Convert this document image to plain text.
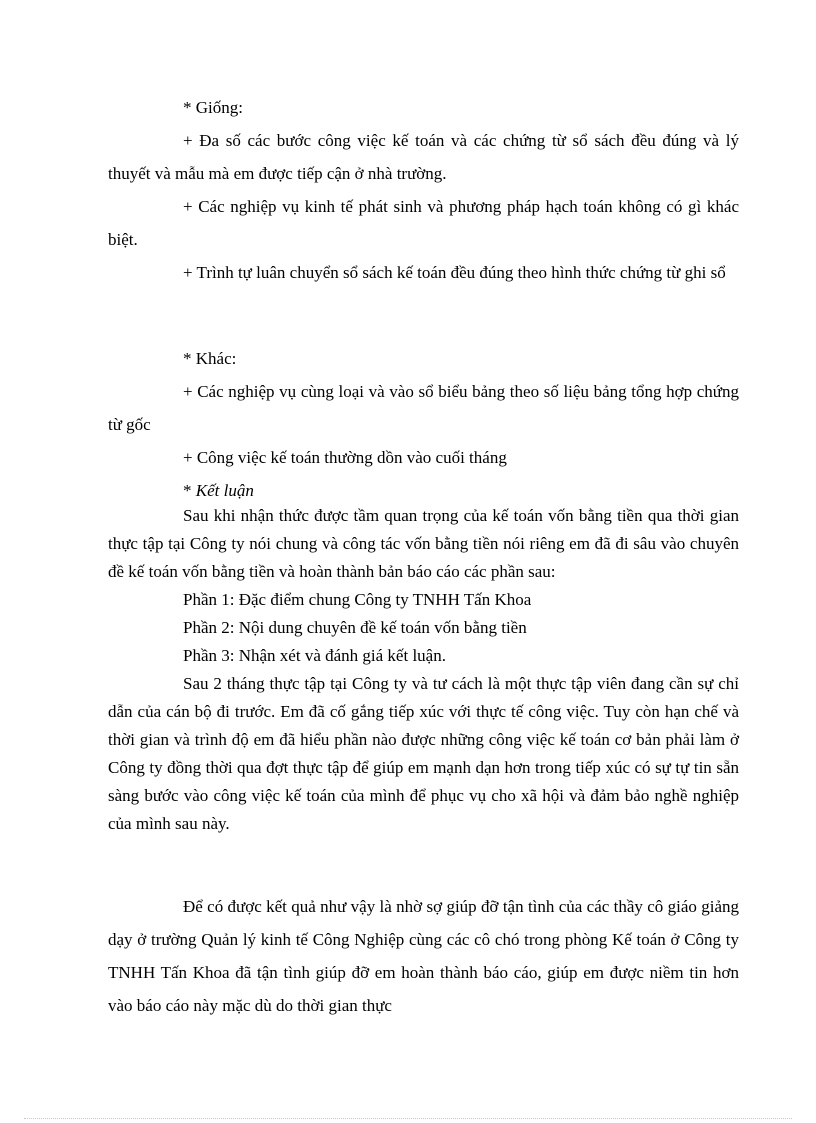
* Giống:

+ Đa số các bước công việc kế toán và các chứng từ sổ sách đều đúng và lý thuyết và mẫu mà em được tiếp cận ở nhà trường.

+ Các nghiệp vụ kinh tế phát sinh và phương pháp hạch toán không có gì khác biệt.

+ Trình tự luân chuyển sổ sách kế toán đều đúng theo hình thức chứng từ ghi sổ

* Khác:

+ Các nghiệp vụ cùng loại và vào sổ biểu bảng theo số liệu bảng tổng hợp chứng từ gốc

+ Công việc kế toán thường dồn vào cuối tháng

* Kết luận

Sau khi nhận thức được tầm quan trọng của kế toán vốn bằng tiền qua thời gian thực tập tại Công ty nói chung và công tác vốn bằng tiền nói riêng em đã đi sâu vào chuyên đề kế toán vốn bằng tiền và hoàn thành bản báo cáo các phần sau:

Phần 1: Đặc điểm chung Công ty TNHH Tấn Khoa

Phần 2: Nội dung chuyên đề kế toán vốn bằng tiền

Phần 3: Nhận xét và đánh giá kết luận.

Sau 2 tháng thực tập tại Công ty và tư cách là một thực tập viên đang cần sự chỉ dẫn của cán bộ đi trước. Em đã cố gắng tiếp xúc với thực tế công việc. Tuy còn hạn chế và thời gian và trình độ em đã hiểu phần nào được những công việc kế toán cơ bản phải làm ở Công ty đồng thời qua đợt thực tập để giúp em mạnh dạn hơn trong tiếp xúc có sự tự tin sẵn sàng bước vào công việc kế toán của mình để phục vụ cho xã hội và đảm bảo nghề nghiệp của mình sau này.

Để có được kết quả như vậy là nhờ sợ giúp đỡ tận tình của các thầy cô giáo giảng dạy ở trường Quản lý kinh tế Công Nghiệp cùng các cô chó trong phòng Kế toán ở Công ty TNHH Tấn Khoa đã tận tình giúp đỡ em hoàn thành báo cáo, giúp em được niềm tin hơn vào báo cáo này mặc dù do thời gian thực
